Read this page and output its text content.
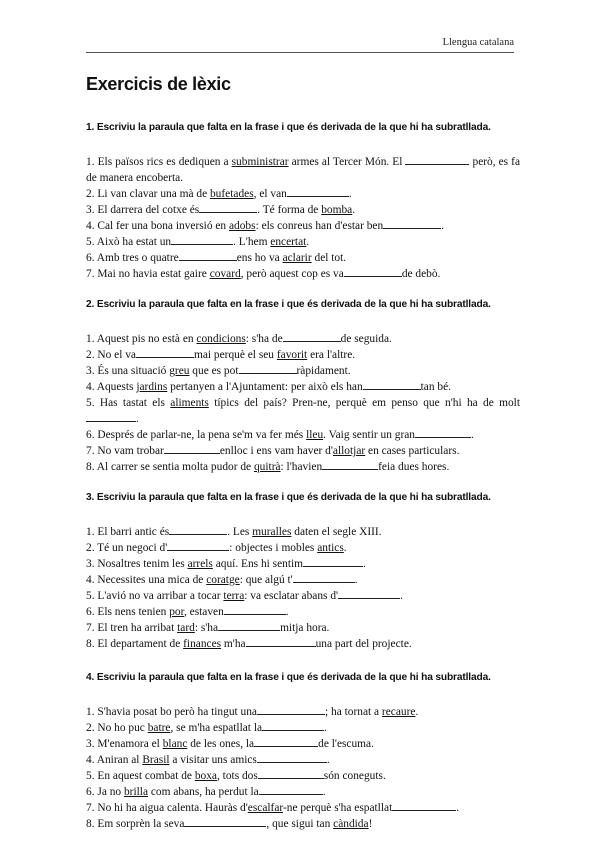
Llengua catalana
Exercicis de lèxic
1. Escriviu la paraula que falta en la frase i que és derivada de la que hi ha subratllada.
1. Els països rics es dediquen a subministrar armes al Tercer Món. El	però, es fa de manera encoberta.
2. Li van clavar una mà de bufetades, el van	.
3. El darrera del cotxe és	. Té forma de bomba.
4. Cal fer una bona inversió en adobs: els conreus han d'estar ben	.
5. Això ha estat un	. L'hem encertat.
6. Amb tres o quatre	ens ho va aclarir del tot.
7. Mai no havia estat gaire covard, però aquest cop es va	de debò.
2. Escriviu la paraula que falta en la frase i que és derivada de la que hi ha subratllada.
1. Aquest pis no està en condicions: s'ha de	de seguida.
2. No el va	mai perquè el seu favorit era l'altre.
3. És una situació greu que es pot	ràpidament.
4. Aquests jardins pertanyen a l'Ajuntament: per això els han	tan bé.
5. Has tastat els aliments típics del país? Pren-ne, perquè em penso que n'hi ha de molt.
6. Després de parlar-ne, la pena se'm va fer més lleu. Vaig sentir un gran	.
7. No vam trobar	enlloc i ens vam haver d'allotjar en cases particulars.
8. Al carrer se sentia molta pudor de quitrà: l'havien	feia dues hores.
3. Escriviu la paraula que falta en la frase i que és derivada de la que hi ha subratllada.
1. El barri antic és	. Les muralles daten el segle XIII.
2. Té un negoci d'	: objectes i mobles antics.
3. Nosaltres tenim les arrels aquí. Ens hi sentim	.
4. Necessites una mica de coratge: que algú t'	.
5. L'avió no va arribar a tocar terra: va esclatar abans d'	.
6. Els nens tenien por, estaven	.
7. El tren ha arribat tard: s'ha	mitja hora.
8. El departament de finances m'ha	una part del projecte.
4. Escriviu la paraula que falta en la frase i que és derivada de la que hi ha subratllada.
1. S'havia posat bo però ha tingut una	; ha tornat a recaure.
2. No ho puc batre, se m'ha espatllat la	.
3. M'enamora el blanc de les ones, la	de l'escuma.
4. Aniran al Brasil a visitar uns amics	.
5. En aquest combat de boxa, tots dos	són coneguts.
6. Ja no brilla com abans, ha perdut la	.
7. No hi ha aigua calenta. Hauràs d'escalfar-ne perquè s'ha espatllat	.
8. Em sorprèn la seva	, que sigui tan càndida!
